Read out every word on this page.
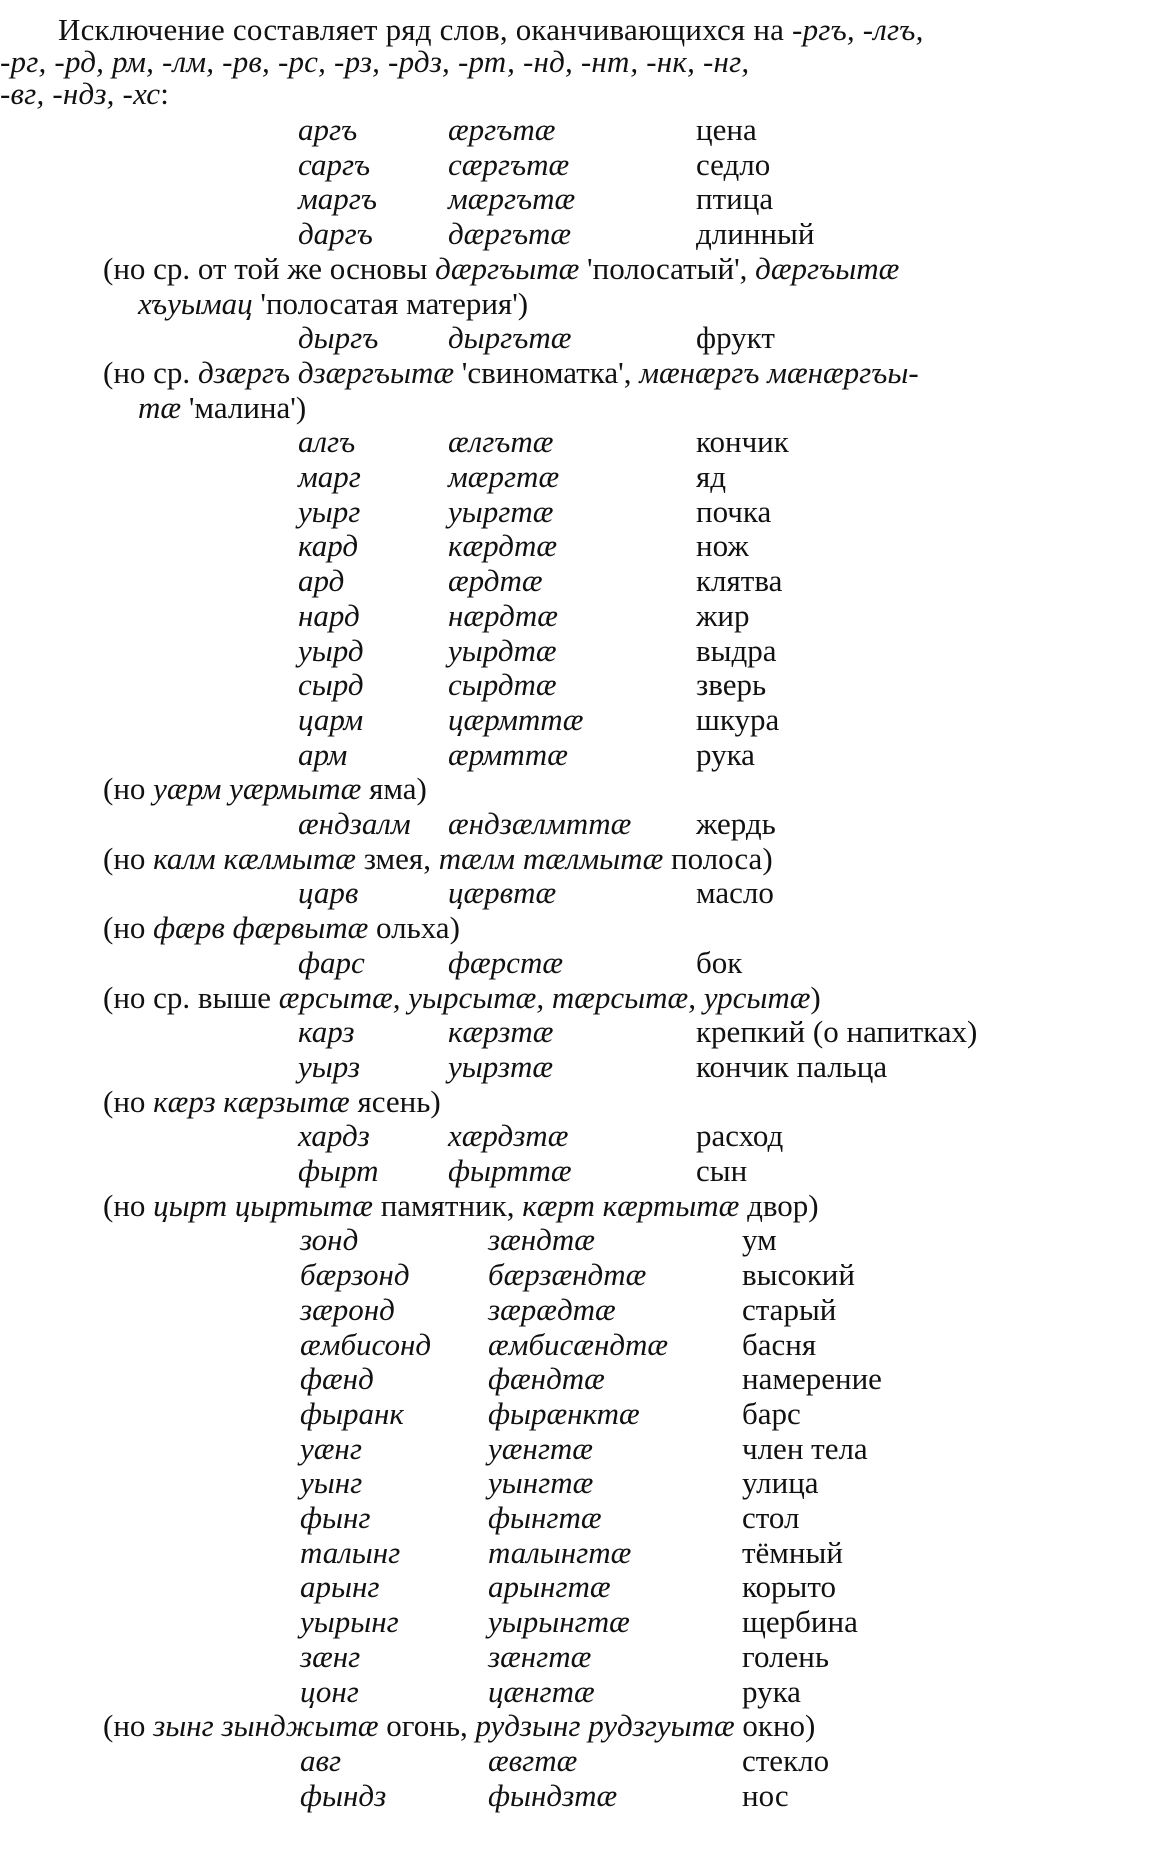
Исключение составляет ряд слов, оканчивающихся на -ргъ, -лгъ,
-рг, -рд, рм, -лм, -рв, -рс, -рз, -рдз, -рт, -нд, -нт, -нк, -нг,
-вг, -ндз, -хс:
аргъ	æргътæ	цена
саргъ	сæргътæ	седло
маргъ мæргътæ	птица
даргъ дæргътæ	длинный
(но ср. от той же основы дæргъытæ 'полосатый', дæргъытæ
хъуымац 'полосатая материя')
дыргъ дыргътæ	фрукт
(но ср. дзæргъ дзæргъытæ 'свиноматка', мæнæргъ мæнæргъы-
тæ 'малина')
алгъ	æлгътæ	кончик
марг	мæргтæ	яд
уырг	уыргтæ	почка
кард	кæрдтæ	нож
ард	æрдтæ	клятва
нард	нæрдтæ	жир
уырд	уырдтæ	выдра
сырд	сырдтæ	зверь
царм	цæрмттæ	шкура
арм	æрмттæ	рука
(но уæрм уæрмытæ яма)
æндзалм æндзæлмттæ жердь
(но калм кæлмытæ змея, тæлм тæлмытæ полоса)
царв	цæрвтæ	масло
(но фæрв фæрвытæ ольха)
фарс	фæрстæ	бок
(но ср. выше æрсытæ, уырсытæ, тæрсытæ, урсытæ)
карз	кæрзтæ	крепкий (о напитках)
уырз	уырзтæ	кончик пальца
(но кæрз кæрзытæ ясень)
хардз	хæрдзтæ	расход
фырт фырттæ	сын
(но цырт цыртытæ памятник, кæрт кæртытæ двор)
зонд	зæндтæ	ум
бæрзонд	бæрзæндтæ	высокий
зæронд	зæрæдтæ	старый
æмбисонд æмбисæндтæ басня
фæнд	фæндтæ	намерение
фыранк	фырæнктæ	барс
уæнг	уæнгтæ	член тела
уынг	уынгтæ	улица
фынг	фынгтæ	стол
талынг	талынгтæ	тёмный
арынг	арынгтæ	корыто
уырынг	уырынгтæ	щербина
зæнг	зæнгтæ	голень
цонг	цæнгтæ	рука
(но зынг зынджытæ огонь, рудзынг рудзгуытæ окно)
авг	æвгтæ	стекло
фындз	фындзтæ	нос
